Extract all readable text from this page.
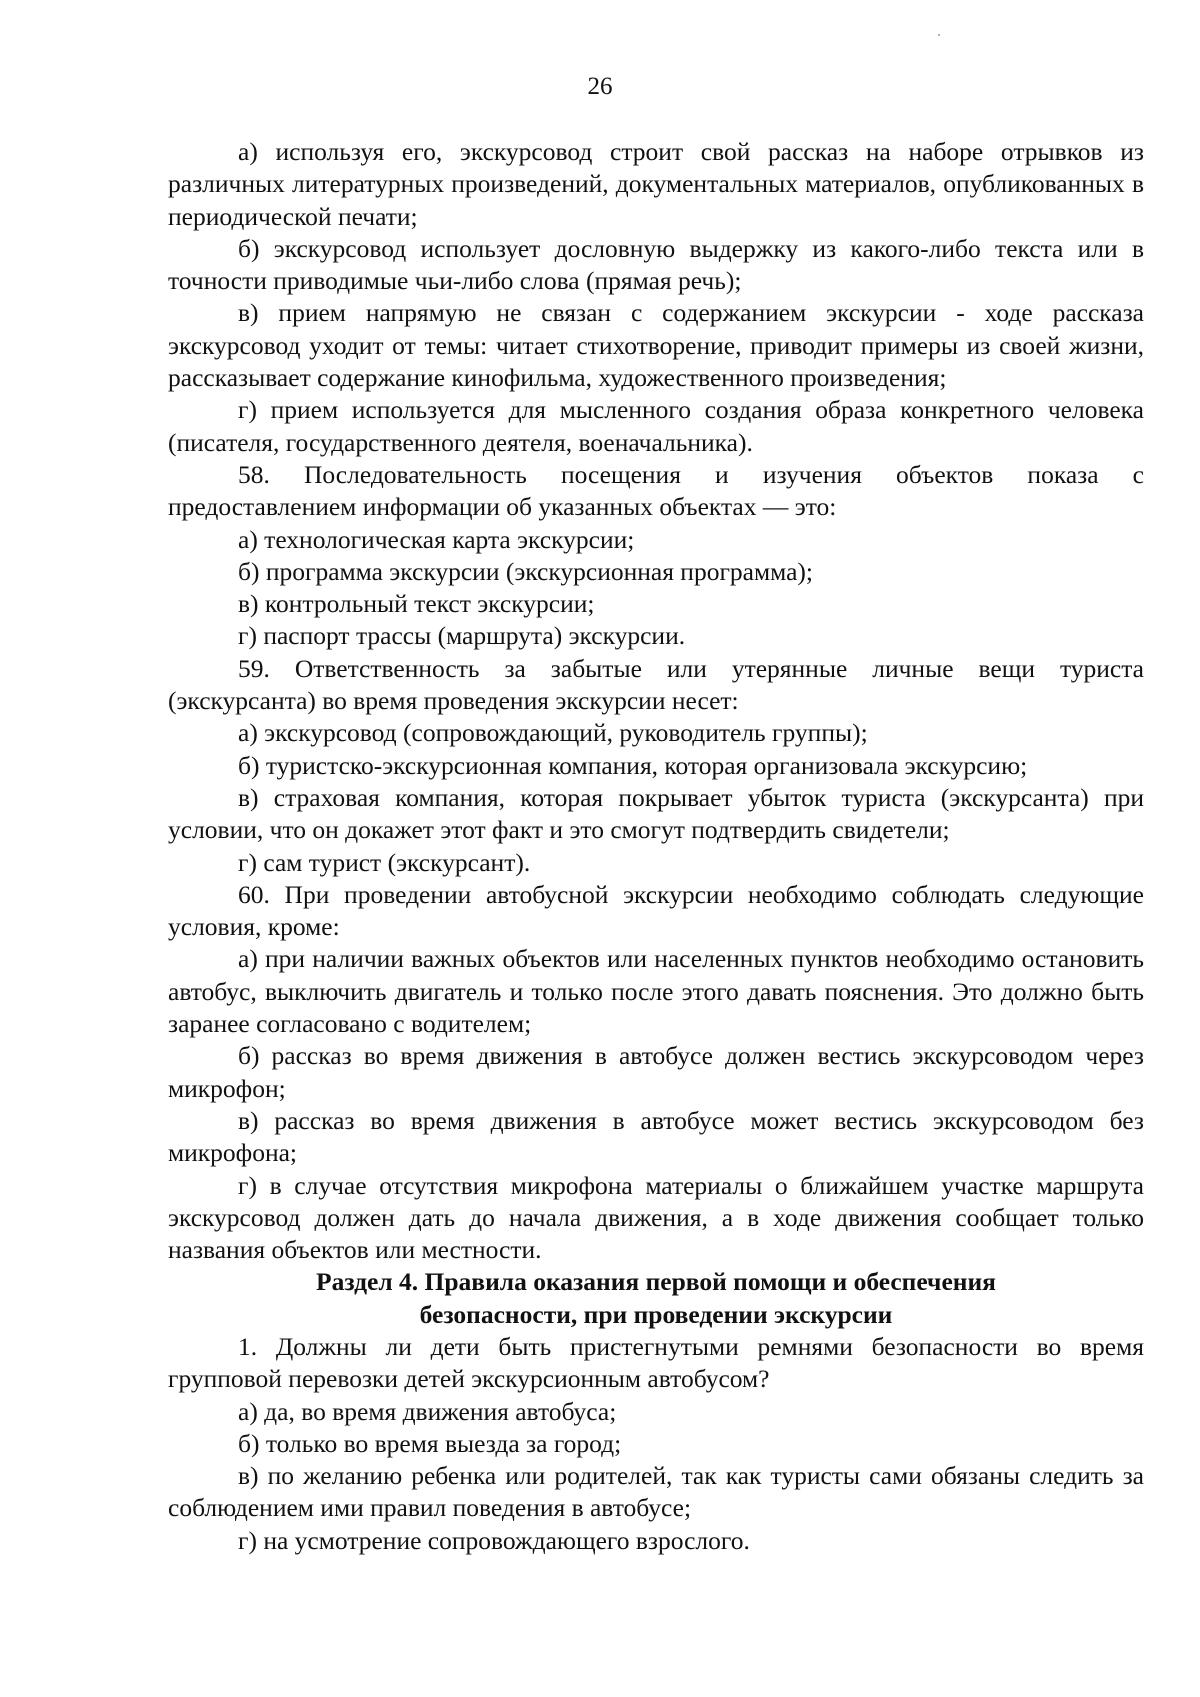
26

а) используя его, экскурсовод строит свой рассказ на наборе отрывков из различных литературных произведений, документальных материалов, опубликованных в периодической печати;

б) экскурсовод использует дословную выдержку из какого-либо текста или в точности приводимые чьи-либо слова (прямая речь);

в) прием напрямую не связан с содержанием экскурсии - ходе рассказа экскурсовод уходит от темы: читает стихотворение, приводит примеры из своей жизни, рассказывает содержание кинофильма, художественного произведения;

г) прием используется для мысленного создания образа конкретного человека (писателя, государственного деятеля, военачальника).

58. Последовательность посещения и изучения объектов показа с предоставлением информации об указанных объектах — это:

а) технологическая карта экскурсии;

б) программа экскурсии (экскурсионная программа);

в) контрольный текст экскурсии;

г) паспорт трассы (маршрута) экскурсии.

59. Ответственность за забытые или утерянные личные вещи туриста (экскурсанта) во время проведения экскурсии несет:

а) экскурсовод (сопровождающий, руководитель группы);

б) туристско-экскурсионная компания, которая организовала экскурсию;

в) страховая компания, которая покрывает убыток туриста (экскурсанта) при условии, что он докажет этот факт и это смогут подтвердить свидетели;

г) сам турист (экскурсант).

60. При проведении автобусной экскурсии необходимо соблюдать следующие условия, кроме:

а) при наличии важных объектов или населенных пунктов необходимо остановить автобус, выключить двигатель и только после этого давать пояснения. Это должно быть заранее согласовано с водителем;

б) рассказ во время движения в автобусе должен вестись экскурсоводом через микрофон;

в) рассказ во время движения в автобусе может вестись экскурсоводом без микрофона;

г) в случае отсутствия микрофона материалы о ближайшем участке маршрута экскурсовод должен дать до начала движения, а в ходе движения сообщает только названия объектов или местности.

Раздел 4. Правила оказания первой помощи и обеспечения

безопасности, при проведении экскурсии

1. Должны ли дети быть пристегнутыми ремнями безопасности во время групповой перевозки детей экскурсионным автобусом?

а) да, во время движения автобуса;

б) только во время выезда за город;

в) по желанию ребенка или родителей, так как туристы сами обязаны следить за соблюдением ими правил поведения в автобусе;

г) на усмотрение сопровождающего взрослого.
